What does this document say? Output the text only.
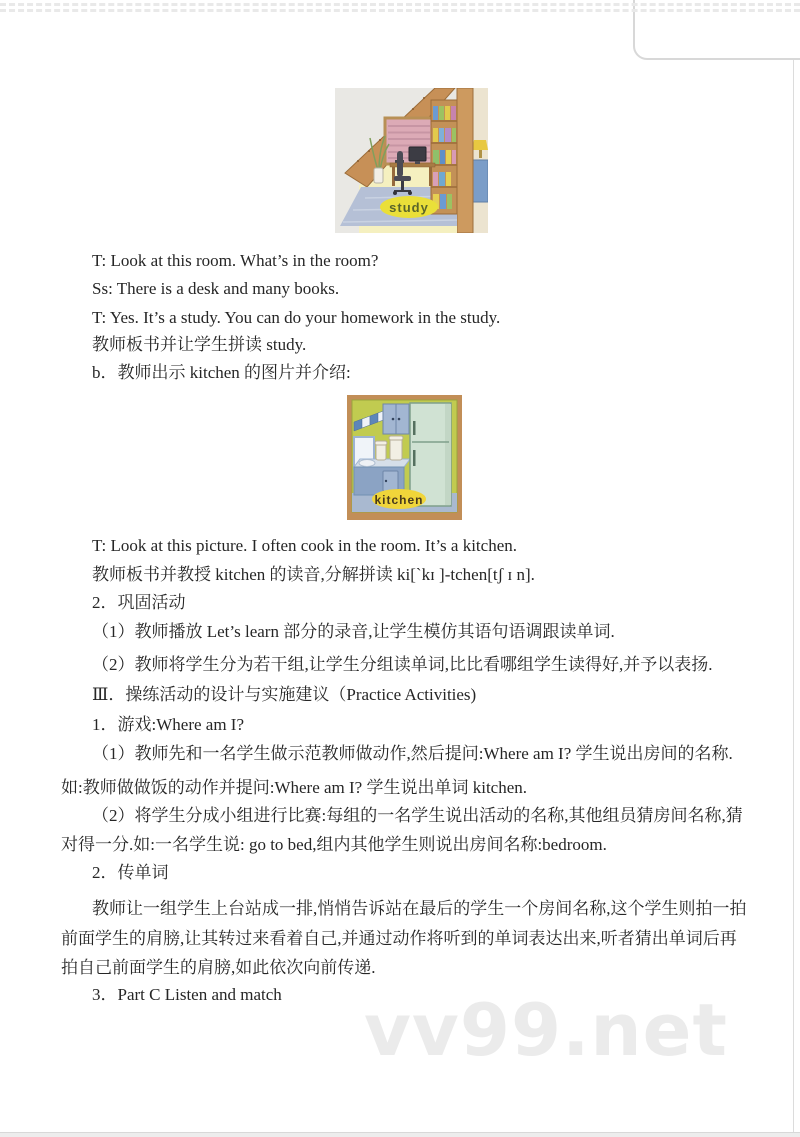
study
kitchen
T: Look at this room. What’s in the room?
Ss: There is a desk and many books.
T: Yes. It’s a study. You can do your homework in the study.
教师板书并让学生拼读 study.
b．教师出示 kitchen 的图片并介绍:
T: Look at this picture. I often cook in the room. It’s a kitchen.
教师板书并教授 kitchen 的读音,分解拼读 ki[`kɪ ]-tchen[tʃ ɪ n].
2．巩固活动
（1）教师播放 Let’s learn 部分的录音,让学生模仿其语句语调跟读单词.
（2）教师将学生分为若干组,让学生分组读单词,比比看哪组学生读得好,并予以表扬.
Ⅲ．操练活动的设计与实施建议（Practice Activities)
1．游戏:Where am I?
（1）教师先和一名学生做示范教师做动作,然后提问:Where am I? 学生说出房间的名称.
如:教师做做饭的动作并提问:Where am I? 学生说出单词 kitchen.
（2）将学生分成小组进行比赛:每组的一名学生说出活动的名称,其他组员猜房间名称,猜
对得一分.如:一名学生说: go to bed,组内其他学生则说出房间名称:bedroom.
2．传单词
教师让一组学生上台站成一排,悄悄告诉站在最后的学生一个房间名称,这个学生则拍一拍
前面学生的肩膀,让其转过来看着自己,并通过动作将听到的单词表达出来,听者猜出单词后再
拍自己前面学生的肩膀,如此依次向前传递.
3．Part C Listen and match vv99.net
